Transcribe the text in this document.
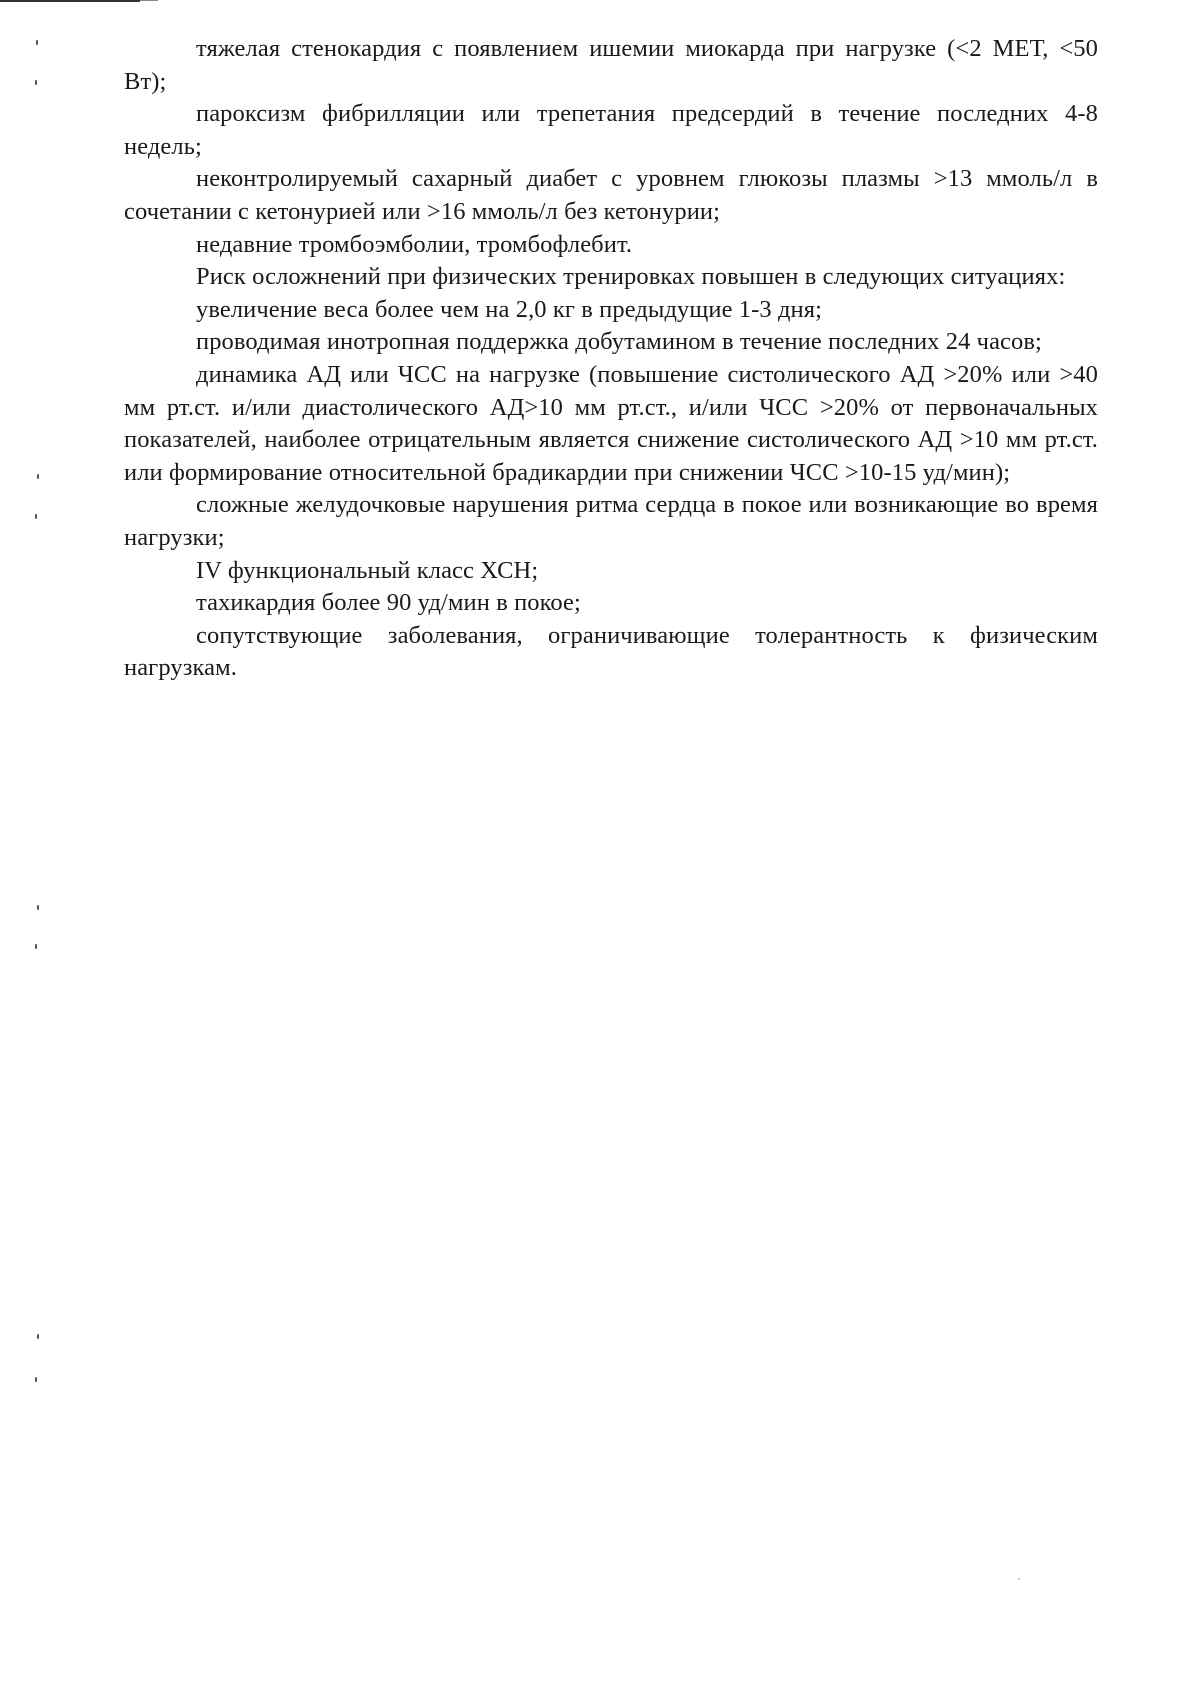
тяжелая стенокардия с появлением ишемии миокарда при нагрузке (<2 МЕТ, <50 Вт);

пароксизм фибрилляции или трепетания предсердий в течение последних 4-8 недель;

неконтролируемый сахарный диабет с уровнем глюкозы плазмы >13 ммоль/л в сочетании с кетонурией или >16 ммоль/л без кетонурии;

недавние тромбоэмболии, тромбофлебит.

Риск осложнений при физических тренировках повышен в следующих ситуациях:

увеличение веса более чем на 2,0 кг в предыдущие 1-3 дня;

проводимая инотропная поддержка добутамином в течение последних 24 часов;

динамика АД или ЧСС на нагрузке (повышение систолического АД >20% или >40 мм рт.ст. и/или диастолического АД>10 мм рт.ст., и/или ЧСС >20% от первоначальных показателей, наиболее отрицательным является снижение систолического АД >10 мм рт.ст. или формирование относительной брадикардии при снижении ЧСС >10-15 уд/мин);

сложные желудочковые нарушения ритма сердца в покое или возникающие во время нагрузки;

IV функциональный класс ХСН;

тахикардия более 90 уд/мин в покое;

сопутствующие заболевания, ограничивающие толерантность к физическим нагрузкам.
